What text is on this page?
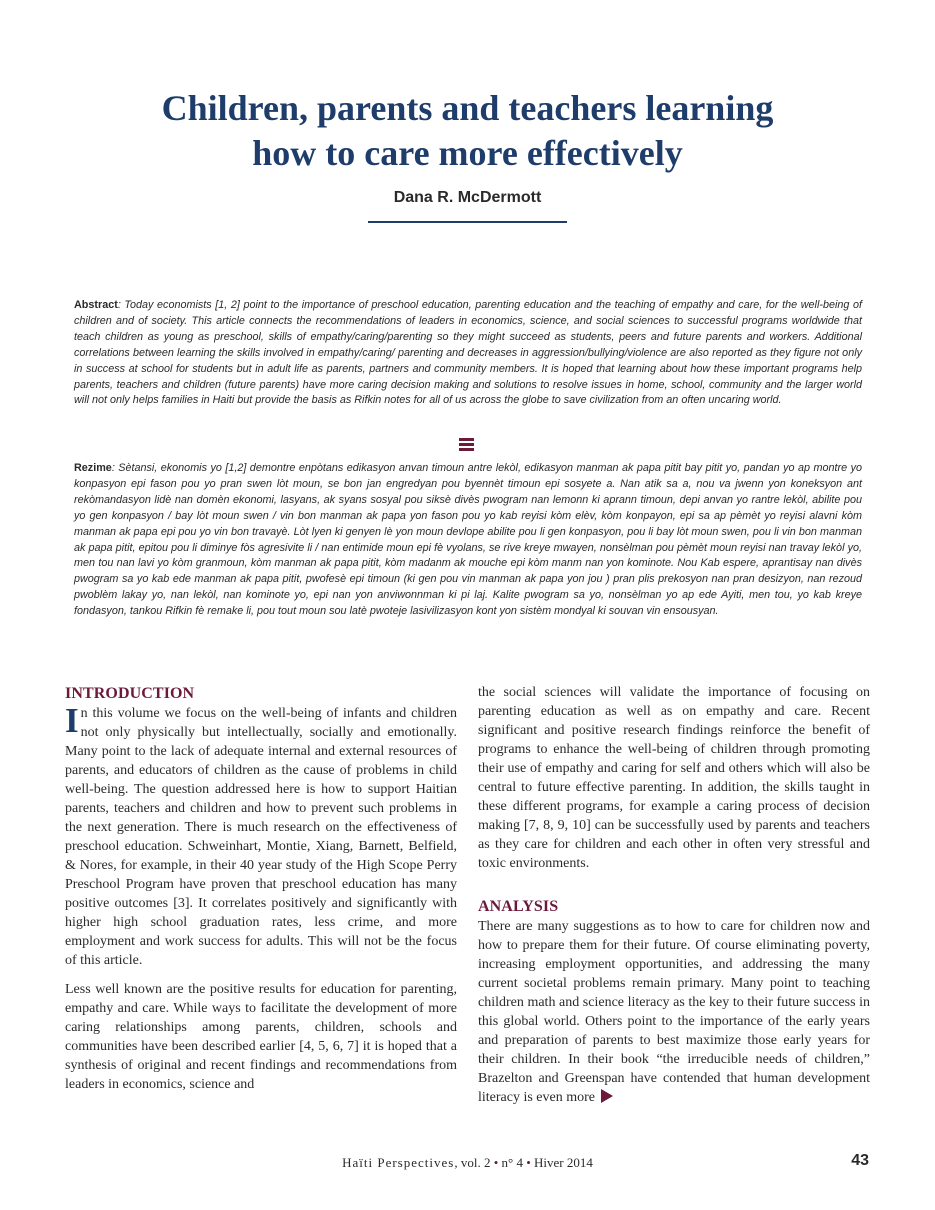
Children, parents and teachers learning
how to care more effectively
Dana R. McDermott

Abstract: Today economists [1, 2] point to the importance of preschool education, parenting education and the teaching of empathy and care, for the well-being of children and of society. This article connects the recommendations of leaders in economics, science, and social sciences to successful programs worldwide that teach children as young as preschool, skills of empathy/caring/parenting so they might succeed as students, peers and future parents and workers. Additional correlations between learning the skills involved in empathy/caring/ parenting and decreases in aggression/bullying/violence are also reported as they figure not only in success at school for students but in adult life as parents, partners and community members. It is hoped that learning about how these important programs help parents, teachers and children (future parents) have more caring decision making and solutions to resolve issues in home, school, community and the larger world will not only helps families in Haiti but provide the basis as Rifkin notes for all of us across the globe to save civilization from an often uncaring world.

Rezime: Sètansi, ekonomis yo [1,2] demontre enpòtans edikasyon anvan timoun antre lekòl, edikasyon manman ak papa pitit bay pitit yo, pandan yo ap montre yo konpasyon epi fason pou yo pran swen lòt moun, se bon jan engredyan pou byennèt timoun epi sosyete a. Nan atik sa a, nou va jwenn yon koneksyon ant rekòmandasyon lidè nan domèn ekonomi, lasyans, ak syans sosyal pou siksè divès pwogram nan lemonn ki aprann timoun, depi anvan yo rantre lekòl, abilite pou yo gen konpasyon / bay lòt moun swen / vin bon manman ak papa yon fason pou yo kab reyisi kòm elèv, kòm konpayon, epi sa ap pèmèt yo reyisi alavni kòm manman ak papa epi pou yo vin bon travayè. Lòt lyen ki genyen lè yon moun devlope abilite pou li gen konpasyon, pou li bay lòt moun swen, pou li vin bon manman ak papa pitit, epitou pou li diminye fòs agresivite li / nan entimide moun epi fè vyolans, se rive kreye mwayen, nonsèlman pou pèmèt moun reyisi nan travay lekòl yo, men tou nan lavi yo kòm granmoun, kòm manman ak papa pitit, kòm madanm ak mouche epi kòm manm nan yon kominote. Nou Kab espere, aprantisay nan divès pwogram sa yo kab ede manman ak papa pitit, pwofesè epi timoun (ki gen pou vin manman ak papa yon jou ) pran plis prekosyon nan pran desizyon, nan rezoud pwoblèm lakay yo, nan lekòl, nan kominote yo, epi nan yon anviwonnman ki pi laj. Kalite pwogram sa yo, nonsèlman yo ap ede Ayiti, men tou, yo kab kreye fondasyon, tankou Rifkin fè remake li, pou tout moun sou latè pwoteje lasivilizasyon kont yon sistèm mondyal ki souvan vin ensousyan.

INTRODUCTION

In this volume we focus on the well-being of infants and children not only physically but intellectually, socially and emotionally. Many point to the lack of adequate internal and external resources of parents, and educators of children as the cause of problems in child well-being. The question addressed here is how to support Haitian parents, teachers and children and how to prevent such problems in the next generation. There is much research on the effectiveness of preschool education. Schweinhart, Montie, Xiang, Barnett, Belfield, & Nores, for example, in their 40 year study of the High Scope Perry Preschool Program have proven that preschool education has many positive outcomes [3]. It correlates positively and significantly with higher high school graduation rates, less crime, and more employment and work success for adults. This will not be the focus of this article.

Less well known are the positive results for education for parenting, empathy and care. While ways to facilitate the development of more caring relationships among parents, children, schools and communities have been described earlier [4, 5, 6, 7] it is hoped that a synthesis of original and recent findings and recommendations from leaders in economics, science and

the social sciences will validate the importance of focusing on parenting education as well as on empathy and care. Recent significant and positive research findings reinforce the benefit of programs to enhance the well-being of children through promoting their use of empathy and caring for self and others which will also be central to future effective parenting. In addition, the skills taught in these different programs, for example a caring process of decision making [7, 8, 9, 10] can be successfully used by parents and teachers as they care for children and each other in often very stressful and toxic environments.

ANALYSIS

There are many suggestions as to how to care for children now and how to prepare them for their future. Of course eliminating poverty, increasing employment opportunities, and addressing the many current societal problems remain primary. Many point to teaching children math and science literacy as the key to their future success in this global world. Others point to the importance of the early years and preparation of parents to best maximize those early years for their children. In their book “the irreducible needs of children,” Brazelton and Greenspan have contended that human development literacy is even more

Haïti Perspectives, vol. 2 • n° 4 • Hiver 2014	43
